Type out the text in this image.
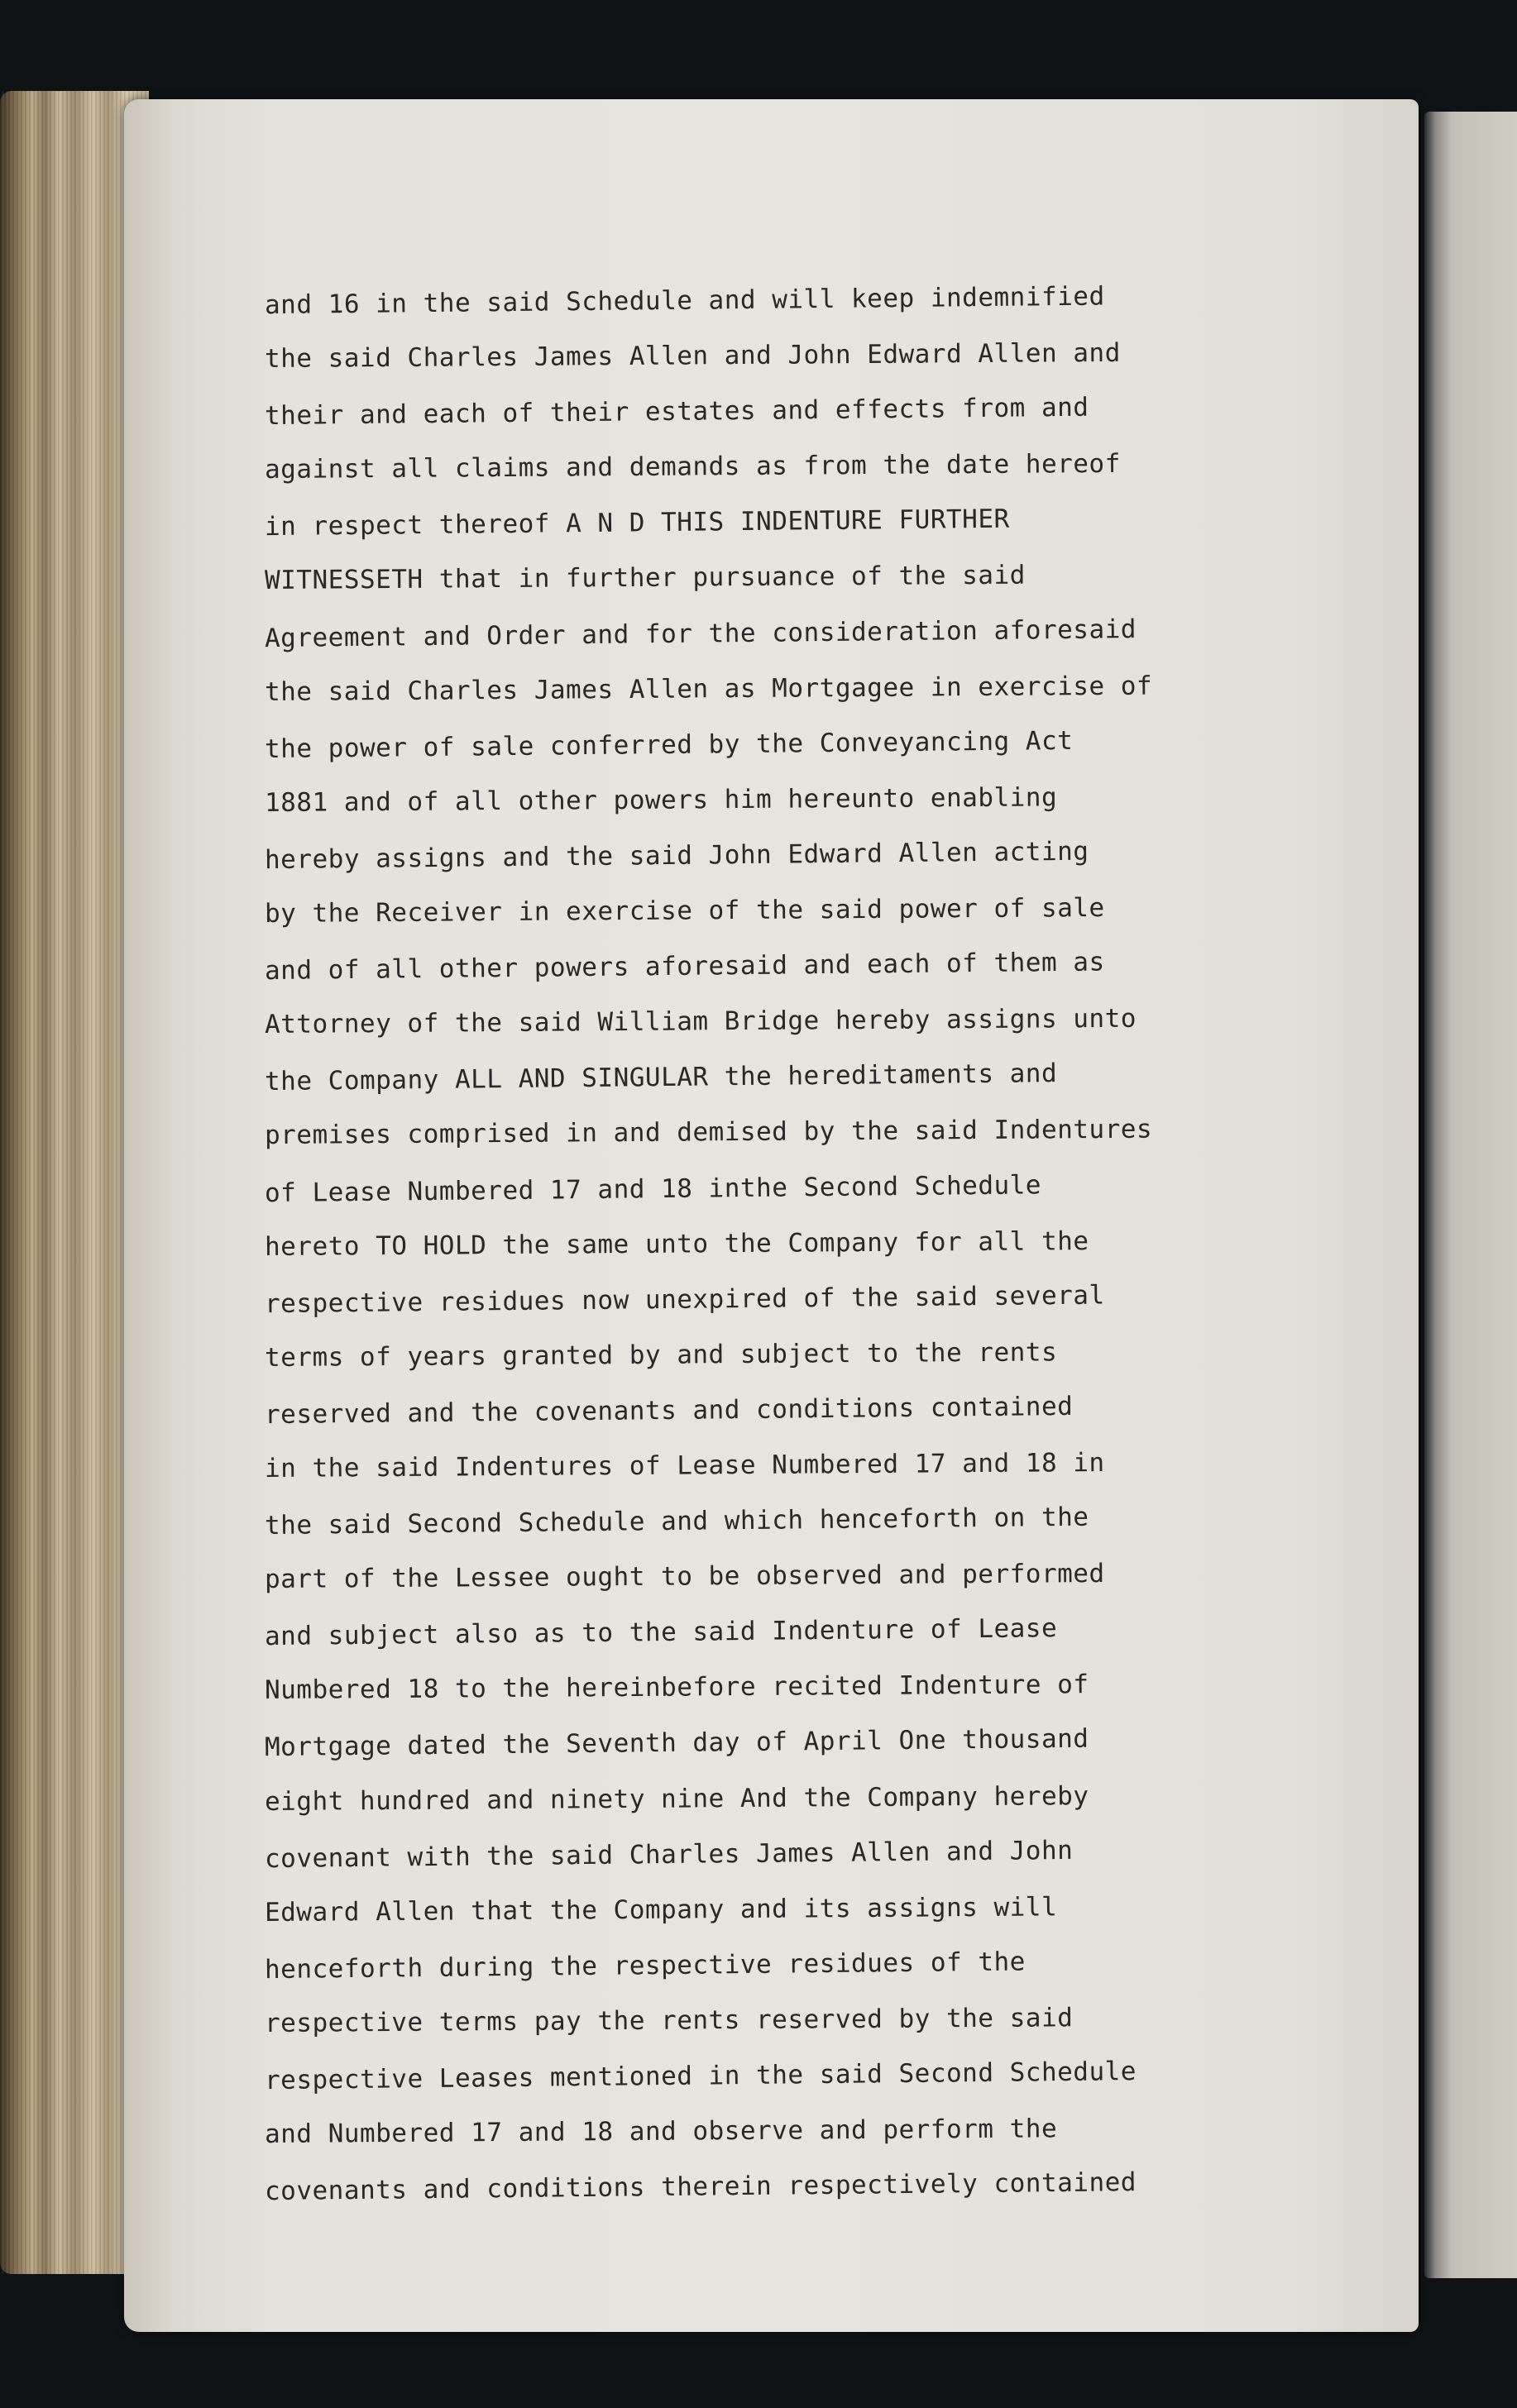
and 16 in the said Schedule and will keep indemnified
the said Charles James Allen and John Edward Allen and
their and each of their estates and effects from and
against all claims and demands as from the date hereof
in respect thereof A N D THIS INDENTURE FURTHER
WITNESSETH that in further pursuance of the said
Agreement and Order and for the consideration aforesaid
the said Charles James Allen as Mortgagee in exercise of
the power of sale conferred by the Conveyancing Act
1881 and of all other powers him hereunto enabling
hereby assigns and the said John Edward Allen acting
by the Receiver in exercise of the said power of sale
and of all other powers aforesaid and each of them as
Attorney of the said William Bridge hereby assigns unto
the Company ALL AND SINGULAR the hereditaments and
premises comprised in and demised by the said Indentures
of Lease Numbered 17 and 18 inthe Second Schedule
hereto TO HOLD the same unto the Company for all the
respective residues now unexpired of the said several
terms of years granted by and subject to the rents
reserved and the covenants and conditions contained
in the said Indentures of Lease Numbered 17 and 18 in
the said Second Schedule and which henceforth on the
part of the Lessee ought to be observed and performed
and subject also as to the said Indenture of Lease
Numbered 18 to the hereinbefore recited Indenture of
Mortgage dated the Seventh day of April One thousand
eight hundred and ninety nine And the Company hereby
covenant with the said Charles James Allen and John
Edward Allen that the Company and its assigns will
henceforth during the respective residues of the
respective terms pay the rents reserved by the said
respective Leases mentioned in the said Second Schedule
and Numbered 17 and 18 and observe and perform the
covenants and conditions therein respectively contained
